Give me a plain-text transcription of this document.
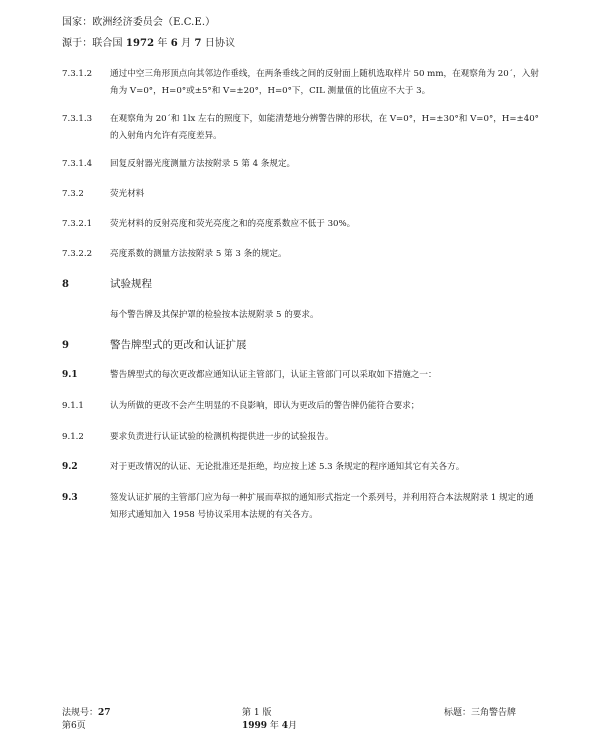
国家：欧洲经济委员会（E.C.E.）
源于：联合国 1972 年 6 月 7 日协议
7.3.1.2	通过中空三角形顶点向其邻边作垂线，在两条垂线之间的反射面上随机选取样片 50 mm，在观察角为 20´，入射角为 V=0°，H=0°或±5°和 V=±20°，H=0°下，CIL 测量值的比值应不大于 3。
7.3.1.3	在观察角为 20´和 1lx 左右的照度下，如能清楚地分辨警告牌的形状，在 V=0°，H=±30°和 V=0°，H=±40°的入射角内允许有亮度差异。
7.3.1.4	回复反射器光度测量方法按附录 5 第 4 条规定。
7.3.2	荧光材料
7.3.2.1	荧光材料的反射亮度和荧光亮度之和的亮度系数应不低于 30%。
7.3.2.2	亮度系数的测量方法按附录 5 第 3 条的规定。
8	试验规程
每个警告牌及其保护罩的检验按本法规附录 5 的要求。
9	警告牌型式的更改和认证扩展
9.1	警告牌型式的每次更改都应通知认证主管部门，认证主管部门可以采取如下措施之一：
9.1.1	认为所做的更改不会产生明显的不良影响，即认为更改后的警告牌仍能符合要求；
9.1.2	要求负责进行认证试验的检测机构提供进一步的试验报告。
9.2	对于更改情况的认证、无论批准还是拒绝，均应按上述 5.3 条规定的程序通知其它有关各方。
9.3	签发认证扩展的主管部门应为每一种扩展而草拟的通知形式指定一个系列号，并利用符合本法规附录 1 规定的通知形式通知加入 1958 号协议采用本法规的有关各方。
法规号：27
第6页
第 1 版
1999 年 4月
标题：三角警告牌
